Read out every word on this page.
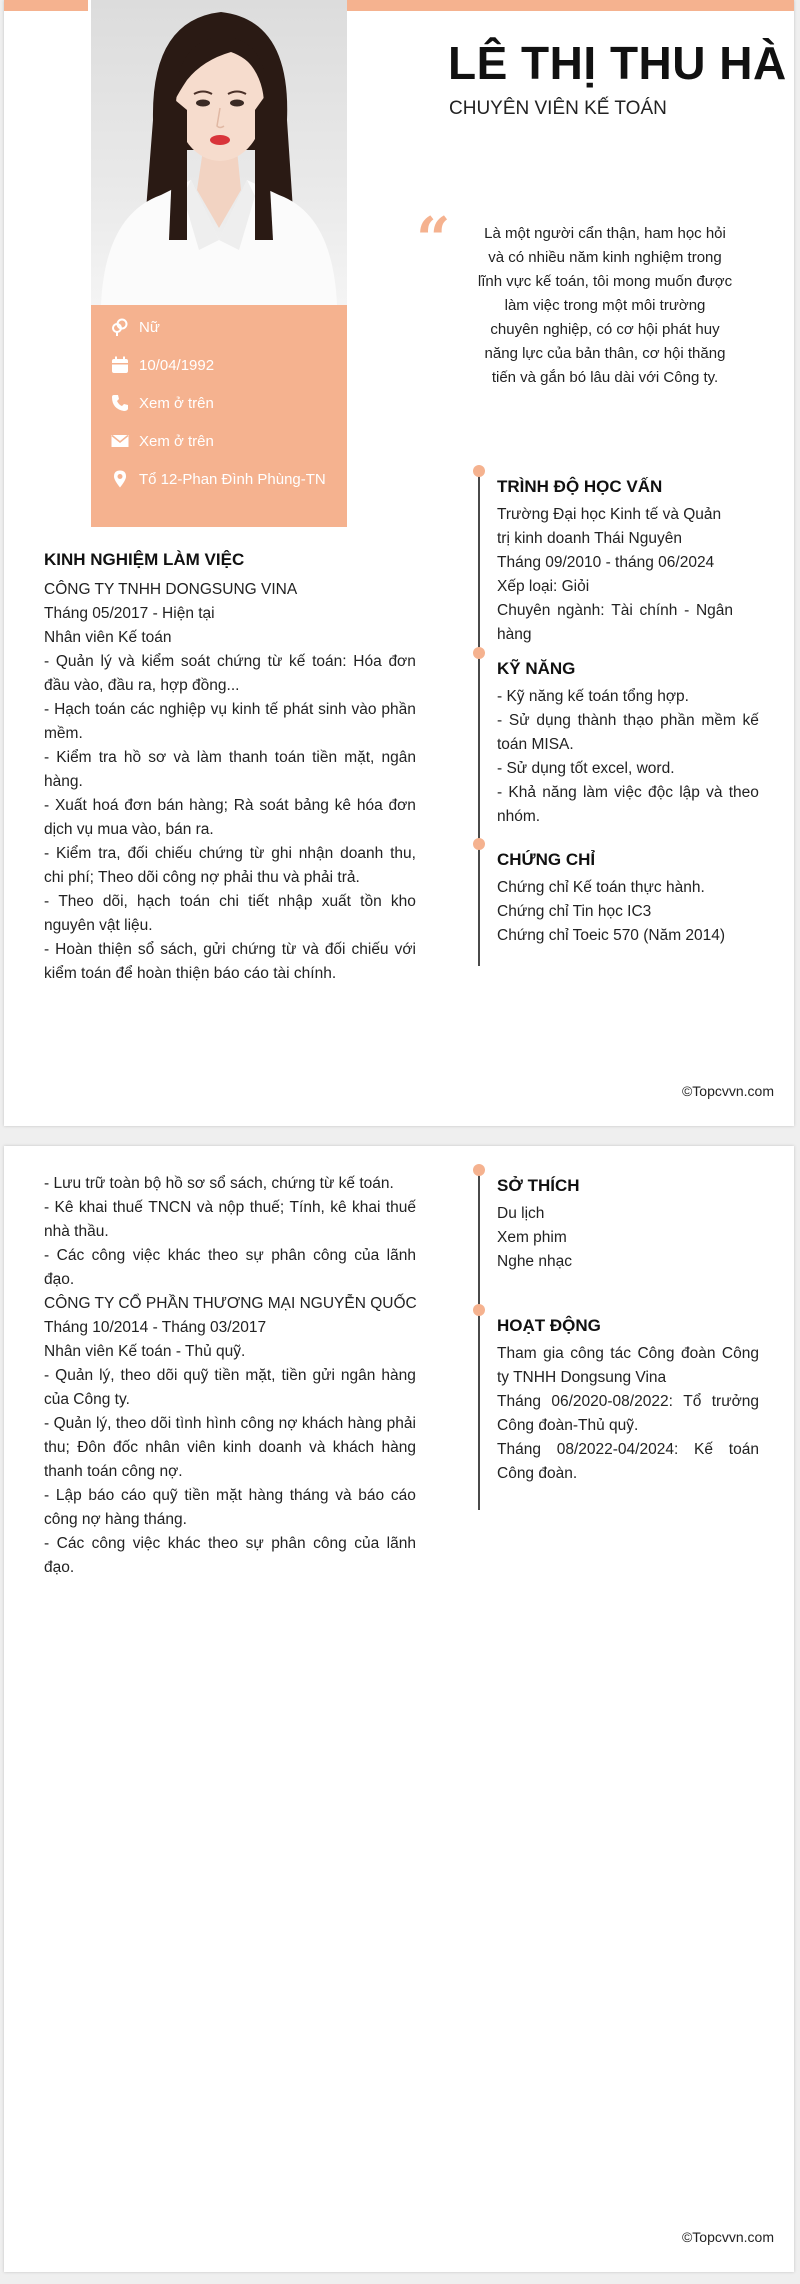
Nữ
10/04/1992
Xem ở trên
Xem ở trên
Tổ 12-Phan Đình Phùng-TN
LÊ THỊ THU HÀ
CHUYÊN VIÊN KẾ TOÁN
“	Là một người cẩn thận, ham học hỏi
và có nhiều năm kinh nghiệm trong
lĩnh vực kế toán, tôi mong muốn được
làm việc trong một môi trường
chuyên nghiệp, có cơ hội phát huy
năng lực của bản thân, cơ hội thăng
tiến và gắn bó lâu dài với Công ty.
KINH NGHIỆM LÀM VIỆC
CÔNG TY TNHH DONGSUNG VINA
Tháng 05/2017 - Hiện tại
Nhân viên Kế toán
- Quản lý và kiểm soát chứng từ kế toán: Hóa đơn
đầu vào, đầu ra, hợp đồng...
- Hạch toán các nghiệp vụ kinh tế phát sinh vào phần
mềm.
- Kiểm tra hồ sơ và làm thanh toán tiền mặt, ngân
hàng.
- Xuất hoá đơn bán hàng; Rà soát bảng kê hóa đơn
dịch vụ mua vào, bán ra.
- Kiểm tra, đối chiếu chứng từ ghi nhận doanh thu,
chi phí; Theo dõi công nợ phải thu và phải trả.
- Theo dõi, hạch toán chi tiết nhập xuất tồn kho
nguyên vật liệu.
- Hoàn thiện sổ sách, gửi chứng từ và đối chiếu với
kiểm toán để hoàn thiện báo cáo tài chính.
TRÌNH ĐỘ HỌC VẤN
Trường Đại học Kinh tế và Quản
trị kinh doanh Thái Nguyên
Tháng 09/2010 - tháng 06/2024
Xếp loại: Giỏi
Chuyên ngành: Tài chính - Ngân
hàng
KỸ NĂNG
- Kỹ năng kế toán tổng hợp.
- Sử dụng thành thạo phần mềm kế
toán MISA.
- Sử dụng tốt excel, word.
- Khả năng làm việc độc lập và theo
nhóm.
CHỨNG CHỈ
Chứng chỉ Kế toán thực hành.
Chứng chỉ Tin học IC3
Chứng chỉ Toeic 570 (Năm 2014)
©Topcvvn.com
- Lưu trữ toàn bộ hồ sơ sổ sách, chứng từ kế toán.
- Kê khai thuế TNCN và nộp thuế; Tính, kê khai thuế
nhà thầu.
- Các công việc khác theo sự phân công của lãnh
đạo.
CÔNG TY CỔ PHẦN THƯƠNG MẠI NGUYỄN QUỐC
Tháng 10/2014 - Tháng 03/2017
Nhân viên Kế toán - Thủ quỹ.
- Quản lý, theo dõi quỹ tiền mặt, tiền gửi ngân hàng
của Công ty.
- Quản lý, theo dõi tình hình công nợ khách hàng phải
thu; Đôn đốc nhân viên kinh doanh và khách hàng
thanh toán công nợ.
- Lập báo cáo quỹ tiền mặt hàng tháng và báo cáo
công nợ hàng tháng.
- Các công việc khác theo sự phân công của lãnh
đạo.
SỞ THÍCH
Du lịch
Xem phim
Nghe nhạc
HOẠT ĐỘNG
Tham gia công tác Công đoàn Công
ty TNHH Dongsung Vina
Tháng 06/2020-08/2022: Tổ trưởng
Công đoàn-Thủ quỹ.
Tháng 08/2022-04/2024: Kế toán
Công đoàn.
©Topcvvn.com
